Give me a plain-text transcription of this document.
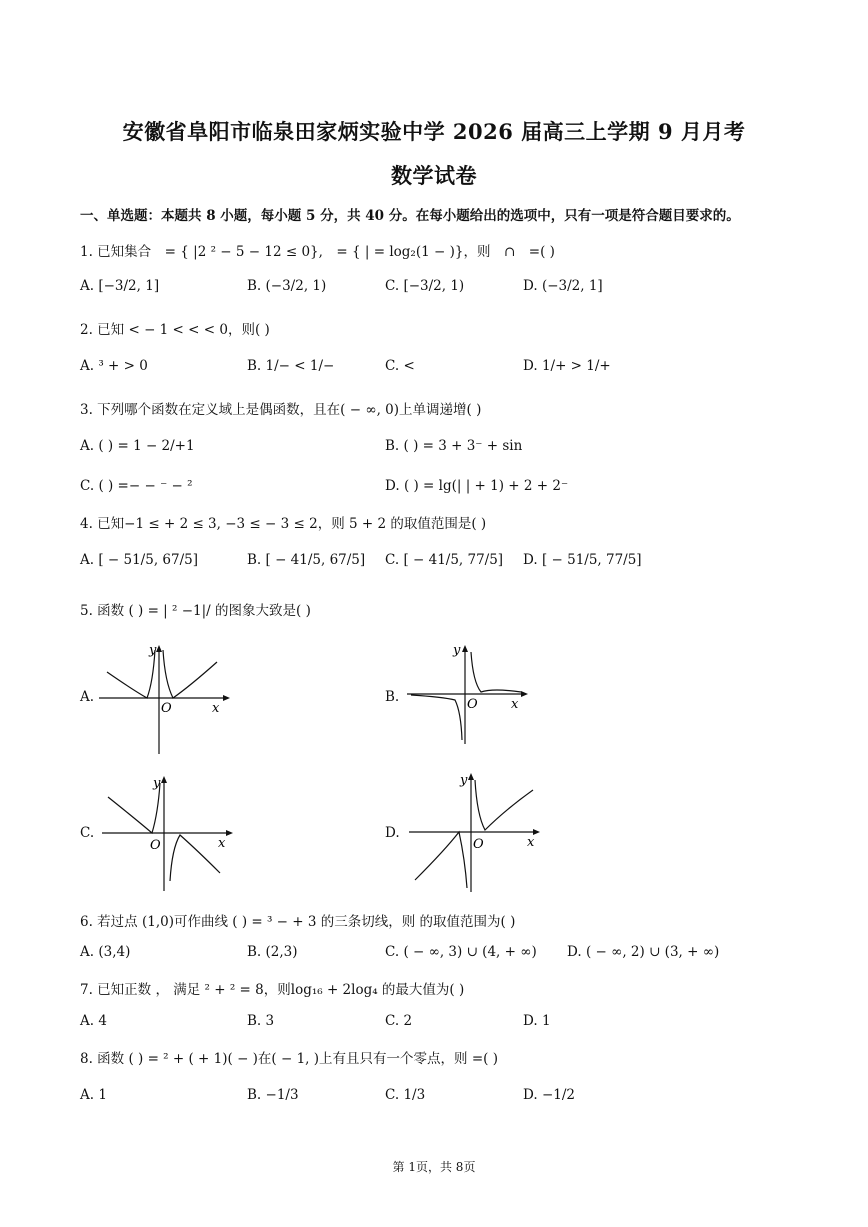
安徽省阜阳市临泉田家炳实验中学 2026 届高三上学期 9 月月考
数学试卷
一、单选题：本题共 8 小题，每小题 5 分，共 40 分。在每小题给出的选项中，只有一项是符合题目要求的。
1. 已知集合　= { |2 ² − 5 − 12 ≤ 0},　= { | = log₂(1 − )}，则　∩　=( )
A. [−3/2, 1]	B. (−3/2, 1)	C. [−3/2, 1)	D. (−3/2, 1]
2. 已知 < − 1 < < < 0，则( )
A. ³ + > 0	B. 1/− < 1/−	C. <	D. 1/+ > 1/+
3. 下列哪个函数在定义域上是偶函数，且在( − ∞, 0)上单调递增( )
A. ( ) = 1 − 2/+1	B. ( ) = 3 + 3⁻ + sin
C. ( ) =− − ⁻ − ²	D. ( ) = lg(| | + 1) + 2 + 2⁻
4. 已知−1 ≤ + 2 ≤ 3, −3 ≤ − 3 ≤ 2，则 5 + 2 的取值范围是( )
A. [ − 51/5, 67/5]	B. [ − 41/5, 67/5] C. [ − 41/5, 77/5] D. [ − 51/5, 77/5]
5. 函数 ( ) = | ² −1|/ 的图象大致是( )
A.
y
O	x
B.
y
O	x
C.
y
O	x
D.
y
O	x
6. 若过点 (1,0)可作曲线 ( ) = ³ − + 3 的三条切线，则 的取值范围为( )
A. (3,4)	B. (2,3)	C. ( − ∞, 3) ∪ (4, + ∞) D. ( − ∞, 2) ∪ (3, + ∞)
7. 已知正数 ， 满足 ² + ² = 8，则log₁₆ + 2log₄ 的最大值为( )
A. 4	B. 3	C. 2	D. 1
8. 函数 ( ) = ² + ( + 1)( − )在( − 1, )上有且只有一个零点，则 =( )
A. 1	B. −1/3	C. 1/3	D. −1/2
第 1页，共 8页
